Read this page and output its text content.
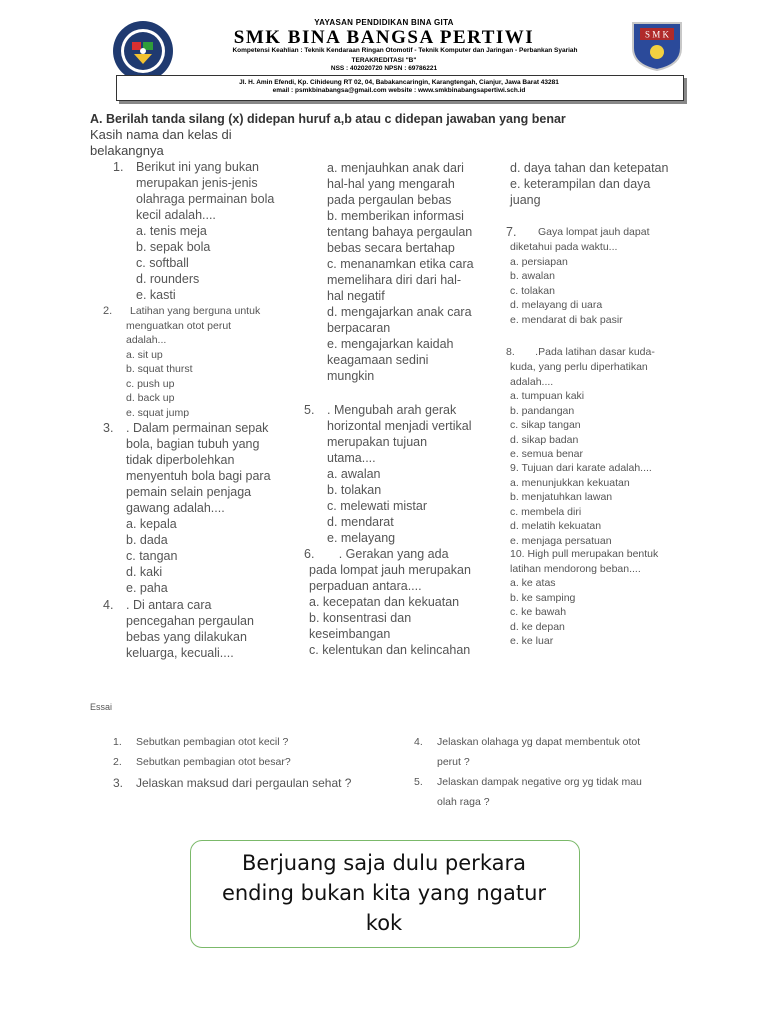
YAYASAN PENDIDIKAN BINA GITA
SMK BINA BANGSA PERTIWI
Kompetensi Keahlian : Teknik Kendaraan Ringan Otomotif - Teknik Komputer dan Jaringan - Perbankan Syariah
TERAKREDITASI "B"
NSS : 402020720 NPSN : 69786221
S M K
Jl. H. Amin Efendi, Kp. Cihideung RT 02, 04, Babakancaringin, Karangtengah, Cianjur, Jawa Barat 43281
email : psmkbinabangsa@gmail.com website : www.smkbinabangsapertiwi.sch.id
A. Berilah tanda silang (x) didepan huruf a,b atau c didepan jawaban yang benar
Kasih nama dan kelas di
belakangnya
1. Berikut ini yang bukan
merupakan jenis-jenis
olahraga permainan bola
kecil adalah....
a. tenis meja
b. sepak bola
c. softball
d. rounders
e. kasti
2.	Latihan yang berguna untuk
menguatkan otot perut
adalah...
a. sit up
b. squat thurst
c. push up
d. back up
e. squat jump
3. . Dalam permainan sepak
bola, bagian tubuh yang
tidak diperbolehkan
menyentuh bola bagi para
pemain selain penjaga
gawang adalah....
a. kepala
b. dada
c. tangan
d. kaki
e. paha
4. . Di antara cara
pencegahan pergaulan
bebas yang dilakukan
keluarga, kecuali....
a. menjauhkan anak dari
hal-hal yang mengarah
pada pergaulan bebas
b. memberikan informasi
tentang bahaya pergaulan
bebas secara bertahap
c. menanamkan etika cara
memelihara diri dari hal-
hal negatif
d. mengajarkan anak cara
berpacaran
e. mengajarkan kaidah
keagamaan sedini
mungkin
5. . Mengubah arah gerak
horizontal menjadi vertikal
merupakan tujuan
utama....
a. awalan
b. tolakan
c. melewati mistar
d. mendarat
e. melayang
6.       . Gerakan yang ada
pada lompat jauh merupakan
perpaduan antara....
a. kecepatan dan kekuatan
b. konsentrasi dan
keseimbangan
c. kelentukan dan kelincahan
d. daya tahan dan ketepatan
e. keterampilan dan daya
juang
7. Gaya lompat jauh dapat
diketahui pada waktu...
a. persiapan
b. awalan
c. tolakan
d. melayang di uara
e. mendarat di bak pasir
8.       .Pada latihan dasar kuda-
kuda, yang perlu diperhatikan
adalah....
a. tumpuan kaki
b. pandangan
c. sikap tangan
d. sikap badan
e. semua benar
9. Tujuan dari karate adalah....
a. menunjukkan kekuatan
b. menjatuhkan lawan
c. membela diri
d. melatih kekuatan
e. menjaga persatuan
10. High pull merupakan bentuk
latihan mendorong beban....
a. ke atas
b. ke samping
c. ke bawah
d. ke depan
e. ke luar
Essai
1. Sebutkan pembagian otot kecil ?
2. Sebutkan pembagian otot besar?
3. Jelaskan maksud dari pergaulan sehat ?
4. Jelaskan olahaga yg dapat membentuk otot
perut ?
5. Jelaskan dampak negative org yg tidak mau
olah raga ?
Berjuang saja dulu perkara
ending bukan kita yang ngatur
kok
